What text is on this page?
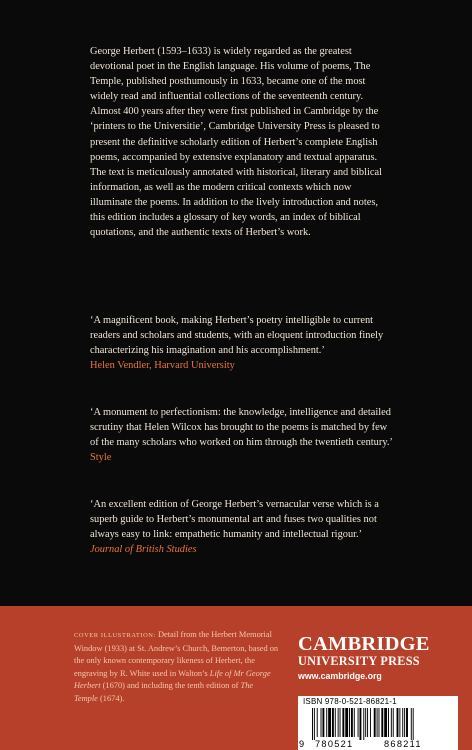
George Herbert (1593–1633) is widely regarded as the greatest devotional poet in the English language. His volume of poems, The Temple, published posthumously in 1633, became one of the most widely read and influential collections of the seventeenth century. Almost 400 years after they were first published in Cambridge by the ‘printers to the Universitie’, Cambridge University Press is pleased to present the definitive scholarly edition of Herbert’s complete English poems, accompanied by extensive explanatory and textual apparatus. The text is meticulously annotated with historical, literary and biblical information, as well as the modern critical contexts which now illuminate the poems. In addition to the lively introduction and notes, this edition includes a glossary of key words, an index of biblical quotations, and the authentic texts of Herbert’s work.

‘A magnificent book, making Herbert’s poetry intelligible to current readers and scholars and students, with an eloquent introduction finely characterizing his imagination and his accomplishment.’
Helen Vendler, Harvard University

‘A monument to perfectionism: the knowledge, intelligence and detailed scrutiny that Helen Wilcox has brought to the poems is matched by few of the many scholars who worked on him through the twentieth century.’
Style

‘An excellent edition of George Herbert’s vernacular verse which is a superb guide to Herbert’s monumental art and fuses two qualities not always easy to link: empathetic humanity and intellectual rigour.’
Journal of British Studies

COVER ILLUSTRATION: Detail from the Herbert Memorial Window (1933) at St. Andrew’s Church, Bemerton, based on the only known contemporary likeness of Herbert, the engraving by R. White used in Walton’s Life of Mr George Herbert (1670) and including the tenth edition of The Temple (1674).

CAMBRIDGE
UNIVERSITY PRESS
www.cambridge.org
ISBN 978-0-521-86821-1
9 780521	868211
